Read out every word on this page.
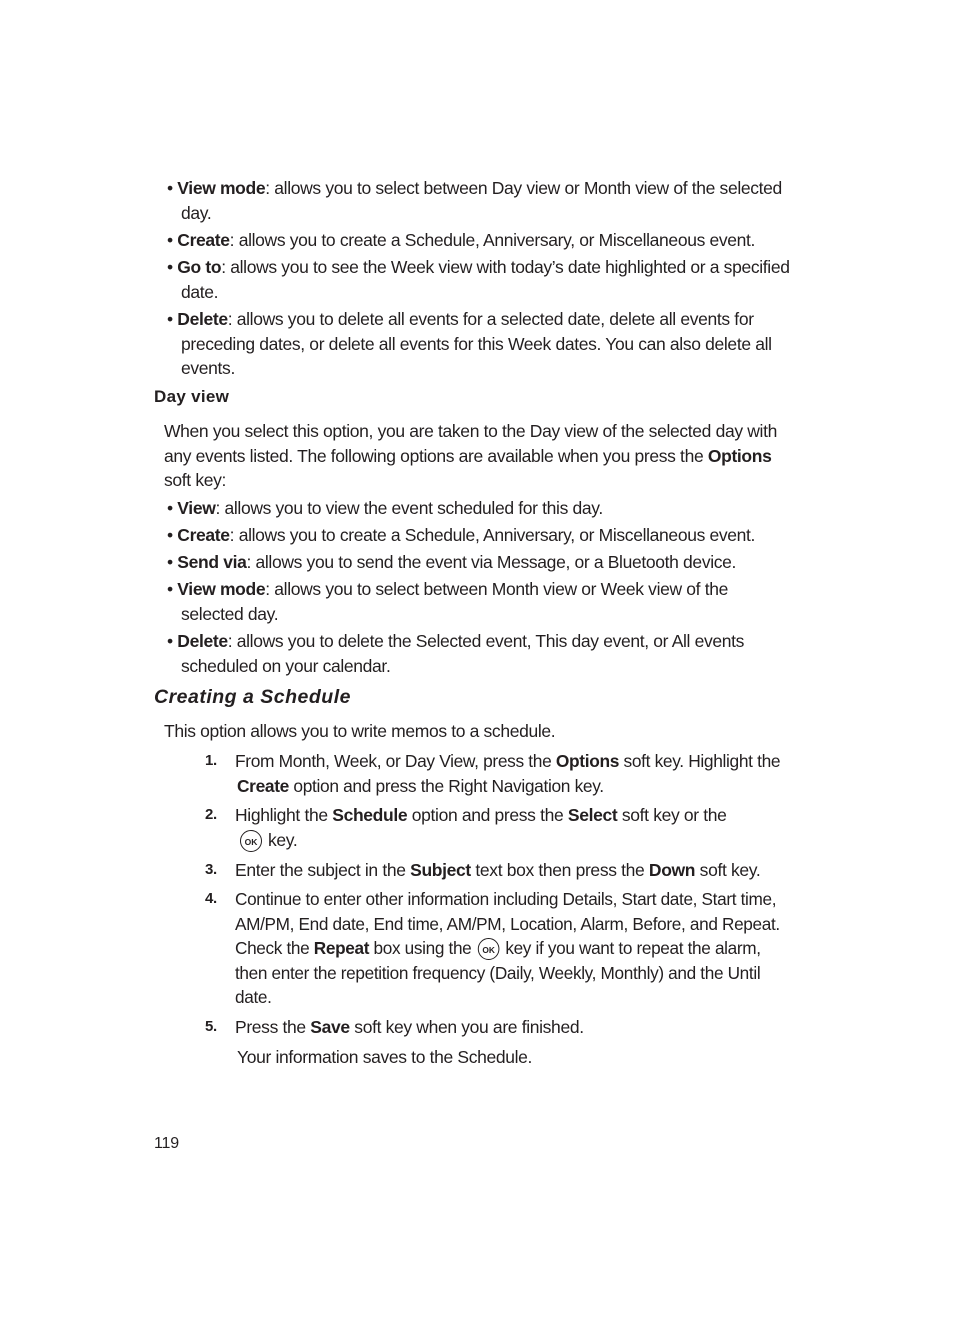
• View mode: allows you to select between Day view or Month view of the selected
day.
• Create: allows you to create a Schedule, Anniversary, or Miscellaneous event.
• Go to: allows you to see the Week view with today’s date highlighted or a specified
date.
• Delete: allows you to delete all events for a selected date, delete all events for
preceding dates, or delete all events for this Week dates. You can also delete all
events.
Day view
When you select this option, you are taken to the Day view of the selected day with
any events listed. The following options are available when you press the Options
soft key:
• View: allows you to view the event scheduled for this day.
• Create: allows you to create a Schedule, Anniversary, or Miscellaneous event.
• Send via: allows you to send the event via Message, or a Bluetooth device.
• View mode: allows you to select between Month view or Week view of the
selected day.
• Delete: allows you to delete the Selected event, This day event, or All events
scheduled on your calendar.
Creating a Schedule
This option allows you to write memos to a schedule.
1. From Month, Week, or Day View, press the Options soft key. Highlight the
Create option and press the Right Navigation key.
2. Highlight the Schedule option and press the Select soft key or the
OK key.
3. Enter the subject in the Subject text box then press the Down soft key.
4. Continue to enter other information including Details, Start date, Start time,
AM/PM, End date, End time, AM/PM, Location, Alarm, Before, and Repeat.
Check the Repeat box using the OK key if you want to repeat the alarm,
then enter the repetition frequency (Daily, Weekly, Monthly) and the Until
date.
5. Press the Save soft key when you are finished.
Your information saves to the Schedule.
119
